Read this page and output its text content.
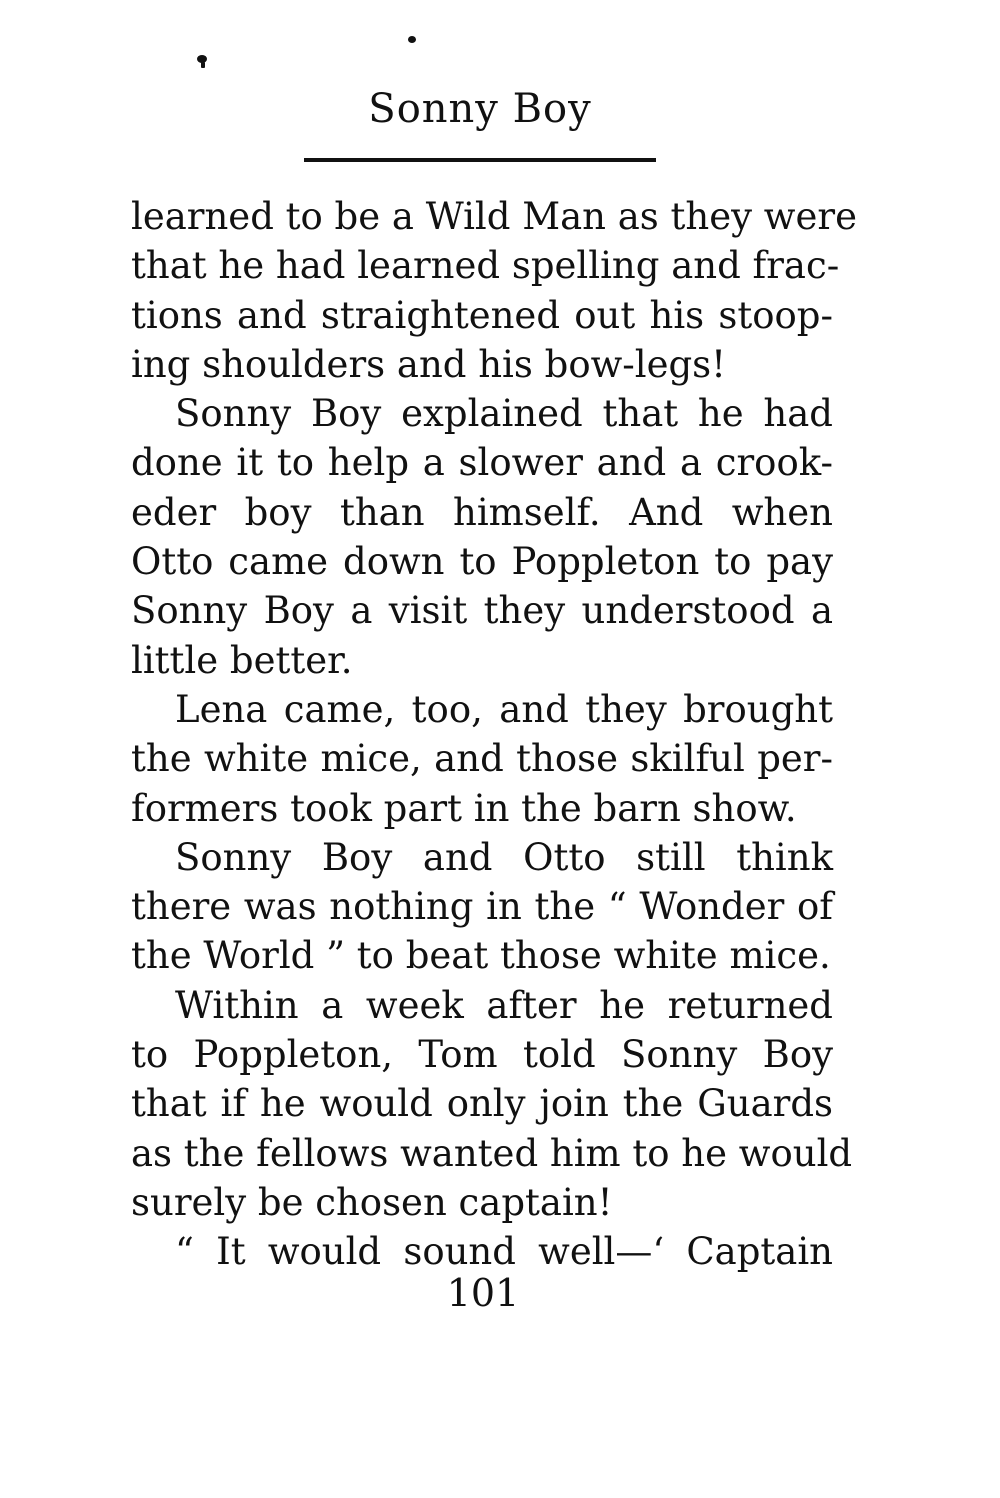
Sonny Boy
learned to be a Wild Man as they were
that he had learned spelling and frac-
tions and straightened out his stoop-
ing shoulders and his bow-legs!
Sonny Boy explained that he had
done it to help a slower and a crook-
eder boy than himself. And when
Otto came down to Poppleton to pay
Sonny Boy a visit they understood a
little better.
Lena came, too, and they brought
the white mice, and those skilful per-
formers took part in the barn show.
Sonny Boy and Otto still think
there was nothing in the “ Wonder of
the World ” to beat those white mice.
Within a week after he returned
to Poppleton, Tom told Sonny Boy
that if he would only join the Guards
as the fellows wanted him to he would
surely be chosen captain!
“ It would sound well—‘ Captain
101
